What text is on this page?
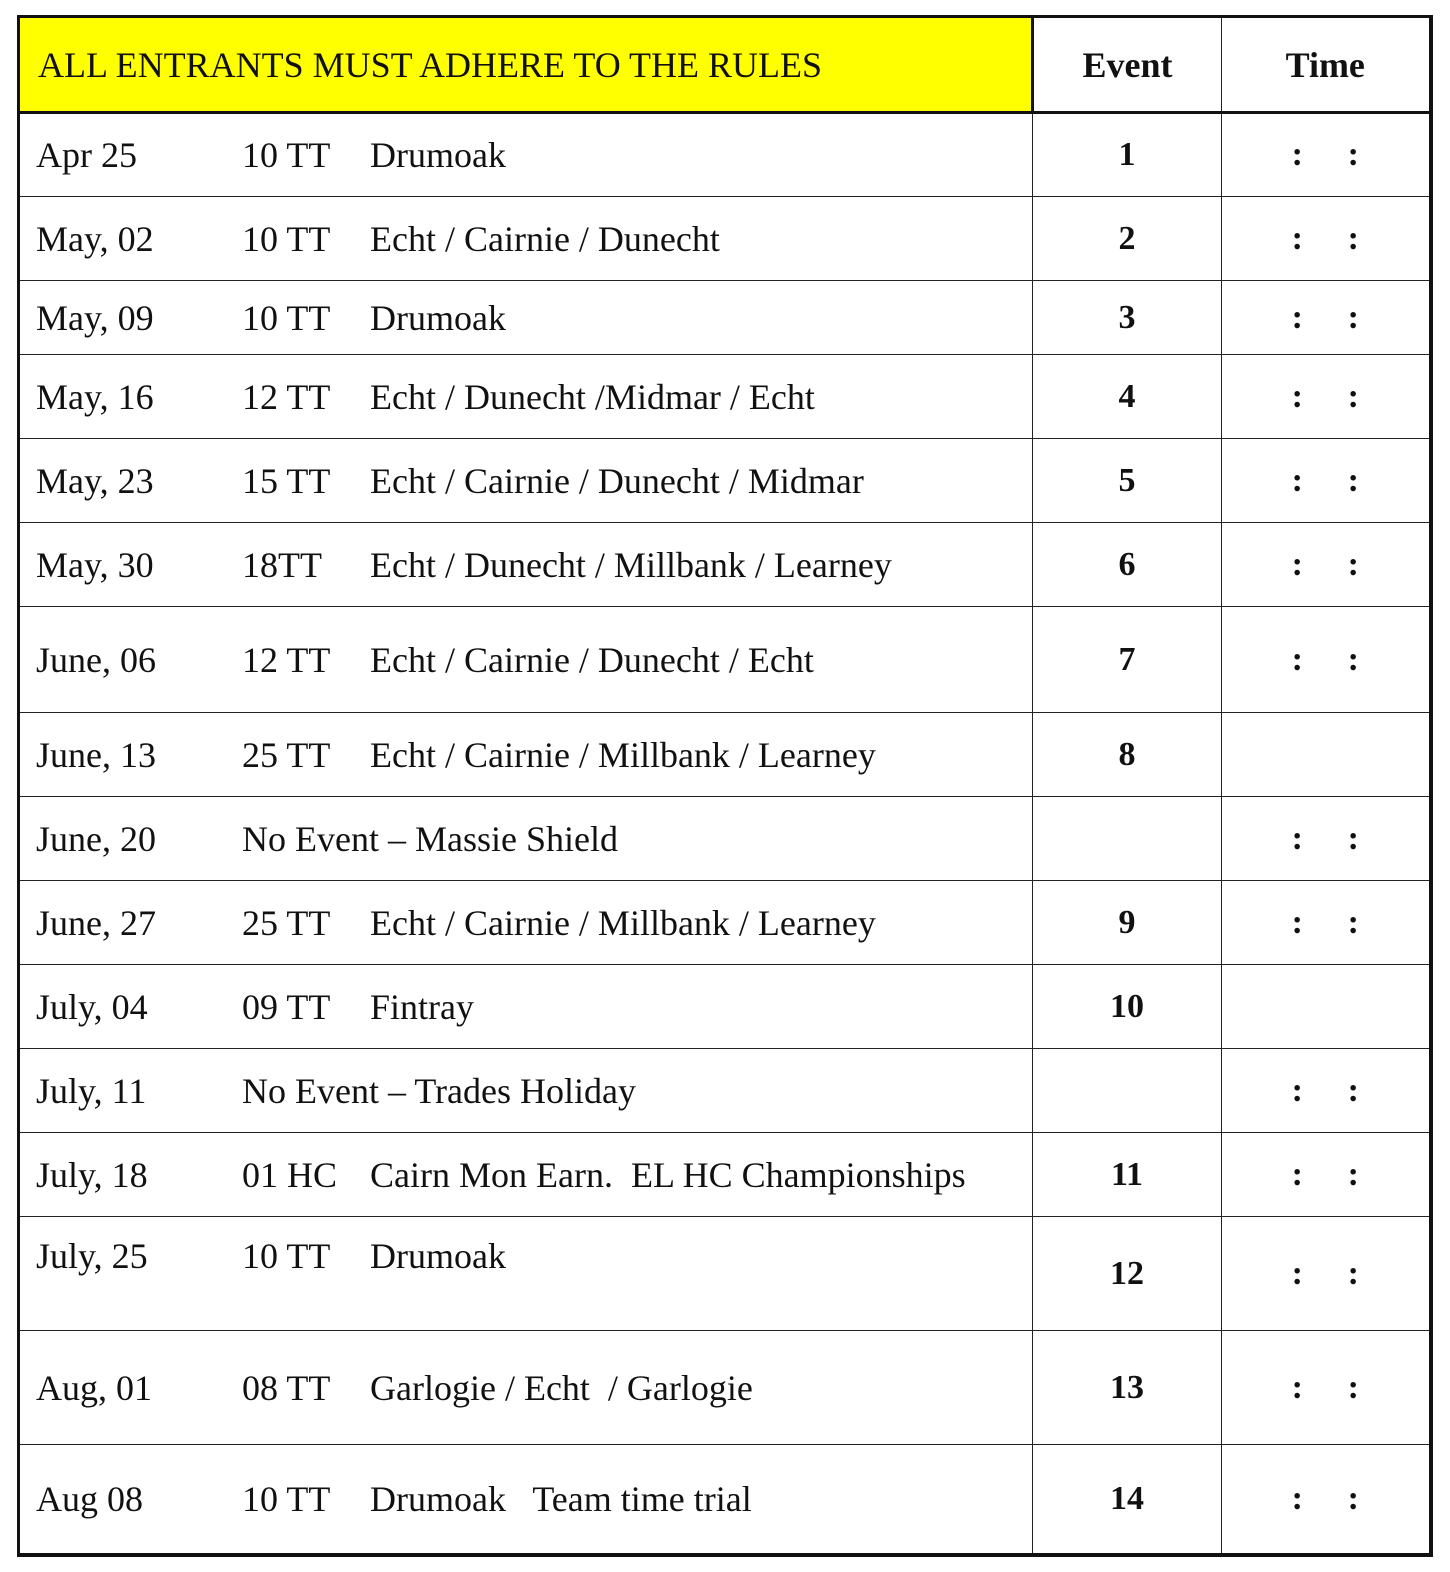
ALL ENTRANTS MUST ADHERE TO THE RULES	Event	Time
Apr 25 10 TT Drumoak	1	: :
May, 02 10 TT Echt / Cairnie / Dunecht	2	: :
May, 09 10 TT Drumoak	3	: :
May, 16 12 TT Echt / Dunecht /Midmar / Echt	4	: :
May, 23 15 TT Echt / Cairnie / Dunecht / Midmar	5	: :
May, 30 18TT Echt / Dunecht / Millbank / Learney	6	: :
June, 06 12 TT Echt / Cairnie / Dunecht / Echt	7	: :
June, 13 25 TT Echt / Cairnie / Millbank / Learney	8	
June, 20 No Event – Massie Shield		: :
June, 27 25 TT Echt / Cairnie / Millbank / Learney	9	: :
July, 04 09 TT Fintray	10	
July, 11 No Event – Trades Holiday		: :
July, 18 01 HC Cairn Mon Earn.  EL HC Championships	11	: :
July, 25 10 TT Drumoak	12	: :
Aug, 01 08 TT Garlogie / Echt  / Garlogie	13	: :
Aug 08 10 TT Drumoak   Team time trial	14	: :
